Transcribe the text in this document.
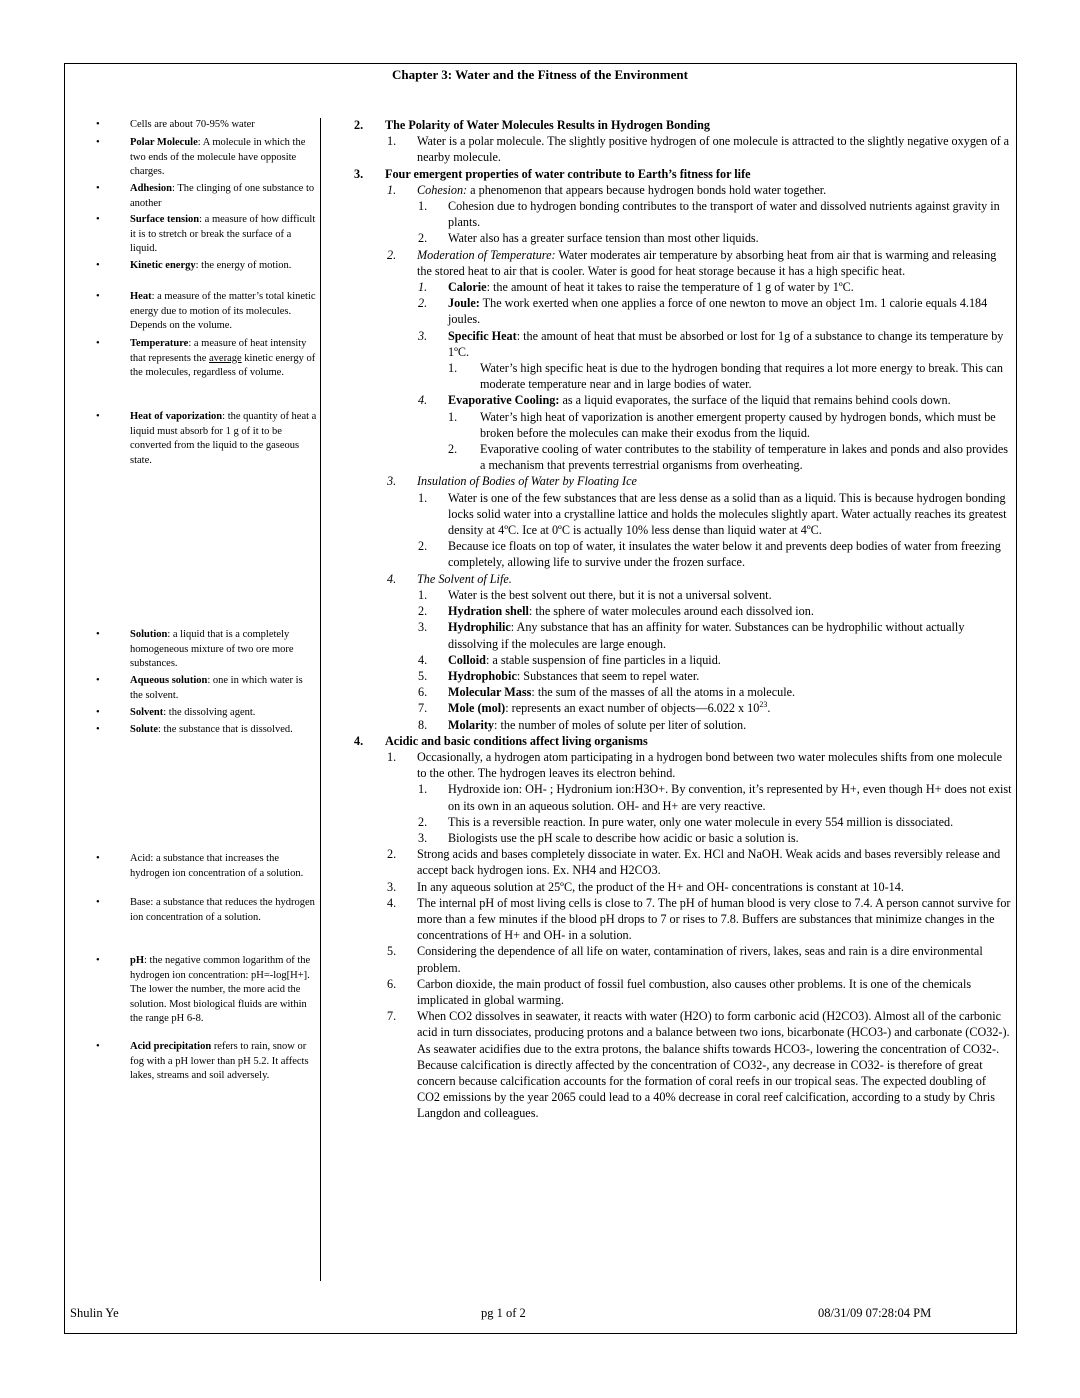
Chapter 3: Water and the Fitness of the Environment
•	Cells are about 70-95% water
•	Polar Molecule: A molecule in which the two ends of the molecule have opposite charges.
•	Adhesion: The clinging of one substance to another
•	Surface tension: a measure of how difficult it is to stretch or break the surface of a liquid.
•	Kinetic energy: the energy of motion.
•	Heat: a measure of the matter’s total kinetic energy due to motion of its molecules. Depends on the volume.
•	Temperature: a measure of heat intensity that represents the average kinetic energy of the molecules, regardless of volume.
•	Heat of vaporization: the quantity of heat a liquid must absorb for 1 g of it to be converted from the liquid to the gaseous state.
•	Solution: a liquid that is a completely homogeneous mixture of two ore more substances.
•	Aqueous solution: one in which water is the solvent.
•	Solvent: the dissolving agent.
•	Solute: the substance that is dissolved.
•	Acid: a substance that increases the hydrogen ion concentration of a solution.
•	Base: a substance that reduces the hydrogen ion concentration of a solution.
•	pH: the negative common logarithm of the hydrogen ion concentration: pH=-log[H+]. The lower the number, the more acid the solution. Most biological fluids are within the range pH 6-8.
•	Acid precipitation refers to rain, snow or fog with a pH lower than pH 5.2. It affects lakes, streams and soil adversely.
2.	The Polarity of Water Molecules Results in Hydrogen Bonding
1.	Water is a polar molecule. The slightly positive hydrogen of one molecule is attracted to the slightly negative oxygen of a nearby molecule.
3.	Four emergent properties of water contribute to Earth’s fitness for life
1.	Cohesion: a phenomenon that appears because hydrogen bonds hold water together.
1.	Cohesion due to hydrogen bonding contributes to the transport of water and dissolved nutrients against gravity in plants.
2.	Water also has a greater surface tension than most other liquids.
2.	Moderation of Temperature: Water moderates air temperature by absorbing heat from air that is warming and releasing the stored heat to air that is cooler. Water is good for heat storage because it has a high specific heat.
1.	Calorie: the amount of heat it takes to raise the temperature of 1 g of water by 1ºC.
2.	Joule: The work exerted when one applies a force of one newton to move an object 1m. 1 calorie equals 4.184 joules.
3.	Specific Heat: the amount of heat that must be absorbed or lost for 1g of a substance to change its temperature by 1ºC.
1.	Water’s high specific heat is due to the hydrogen bonding that requires a lot more energy to break. This can moderate temperature near and in large bodies of water.
4.	Evaporative Cooling: as a liquid evaporates, the surface of the liquid that remains behind cools down.
1.	Water’s high heat of vaporization is another emergent property caused by hydrogen bonds, which must be broken before the molecules can make their exodus from the liquid.
2.	Evaporative cooling of water contributes to the stability of temperature in lakes and ponds and also provides a mechanism that prevents terrestrial organisms from overheating.
3.	Insulation of Bodies of Water by Floating Ice
1.	Water is one of the few substances that are less dense as a solid than as a liquid. This is because hydrogen bonding locks solid water into a crystalline lattice and holds the molecules slightly apart. Water actually reaches its greatest density at 4ºC. Ice at 0ºC is actually 10% less dense than liquid water at 4ºC.
2.	Because ice floats on top of water, it insulates the water below it and prevents deep bodies of water from freezing completely, allowing life to survive under the frozen surface.
4.	The Solvent of Life.
1.	Water is the best solvent out there, but it is not a universal solvent.
2.	Hydration shell: the sphere of water molecules around each dissolved ion.
3.	Hydrophilic: Any substance that has an affinity for water. Substances can be hydrophilic without actually dissolving if the molecules are large enough.
4.	Colloid: a stable suspension of fine particles in a liquid.
5.	Hydrophobic: Substances that seem to repel water.
6.	Molecular Mass: the sum of the masses of all the atoms in a molecule.
7.	Mole (mol): represents an exact number of objects—6.022 x $10^{23}$.
8.	Molarity: the number of moles of solute per liter of solution.
4.	Acidic and basic conditions affect living organisms
1.	Occasionally, a hydrogen atom participating in a hydrogen bond between two water molecules shifts from one molecule to the other. The hydrogen leaves its electron behind.
1.	Hydroxide ion: OH- ; Hydronium ion:H3O+. By convention, it’s represented by H+, even though H+ does not exist on its own in an aqueous solution. OH- and H+ are very reactive.
2.	This is a reversible reaction. In pure water, only one water molecule in every 554 million is dissociated.
3.	Biologists use the pH scale to describe how acidic or basic a solution is.
2.	Strong acids and bases completely dissociate in water. Ex. HCl and NaOH. Weak acids and bases reversibly release and accept back hydrogen ions. Ex. NH4 and H2CO3.
3.	In any aqueous solution at 25ºC, the product of the H+ and OH- concentrations is constant at 10-14.
4.	The internal pH of most living cells is close to 7. The pH of human blood is very close to 7.4. A person cannot survive for more than a few minutes if the blood pH drops to 7 or rises to 7.8. Buffers are substances that minimize changes in the concentrations of H+ and OH- in a solution.
5.	Considering the dependence of all life on water, contamination of rivers, lakes, seas and rain is a dire environmental problem.
6.	Carbon dioxide, the main product of fossil fuel combustion, also causes other problems. It is one of the chemicals implicated in global warming.
7.	When CO2 dissolves in seawater, it reacts with water (H2O) to form carbonic acid (H2CO3). Almost all of the carbonic acid in turn dissociates, producing protons and a balance between two ions, bicarbonate (HCO3-) and carbonate (CO32-). As seawater acidifies due to the extra protons, the balance shifts towards HCO3-, lowering the concentration of CO32-. Because calcification is directly affected by the concentration of CO32-, any decrease in CO32- is therefore of great concern because calcification accounts for the formation of coral reefs in our tropical seas. The expected doubling of CO2 emissions by the year 2065 could lead to a 40% decrease in coral reef calcification, according to a study by Chris Langdon and colleagues.
Shulin Ye	pg 1 of 2	08/31/09 07:28:04 PM
